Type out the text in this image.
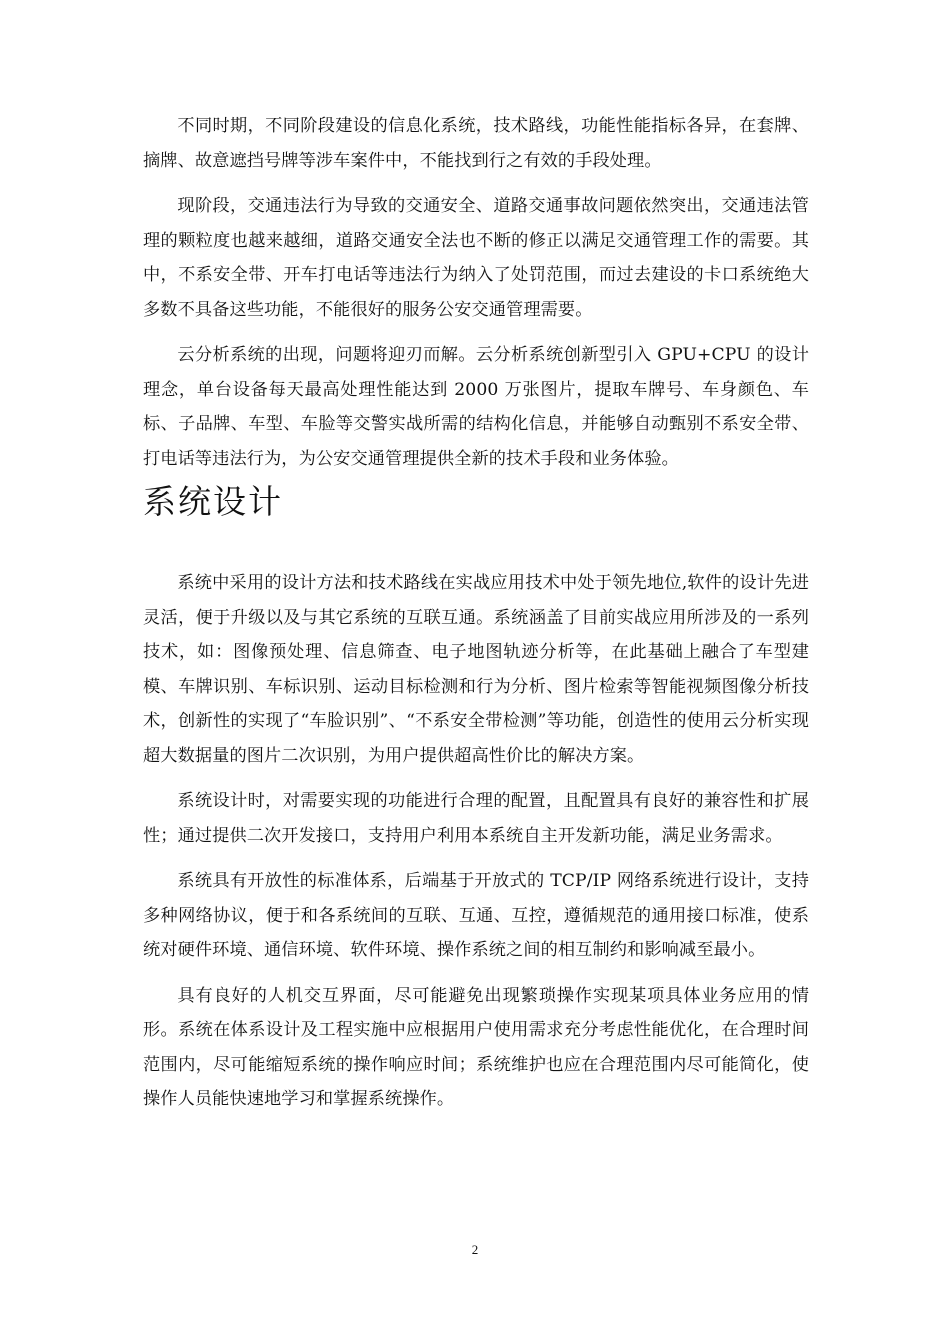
不同时期，不同阶段建设的信息化系统，技术路线，功能性能指标各异，在套牌、摘牌、故意遮挡号牌等涉车案件中，不能找到行之有效的手段处理。

现阶段，交通违法行为导致的交通安全、道路交通事故问题依然突出，交通违法管理的颗粒度也越来越细，道路交通安全法也不断的修正以满足交通管理工作的需要。其中，不系安全带、开车打电话等违法行为纳入了处罚范围，而过去建设的卡口系统绝大多数不具备这些功能，不能很好的服务公安交通管理需要。

云分析系统的出现，问题将迎刃而解。云分析系统创新型引入 GPU+CPU 的设计理念，单台设备每天最高处理性能达到 2000 万张图片，提取车牌号、车身颜色、车标、子品牌、车型、车脸等交警实战所需的结构化信息，并能够自动甄别不系安全带、打电话等违法行为，为公安交通管理提供全新的技术手段和业务体验。

系统设计

系统中采用的设计方法和技术路线在实战应用技术中处于领先地位,软件的设计先进灵活，便于升级以及与其它系统的互联互通。系统涵盖了目前实战应用所涉及的一系列技术，如：图像预处理、信息筛查、电子地图轨迹分析等，在此基础上融合了车型建模、车牌识别、车标识别、运动目标检测和行为分析、图片检索等智能视频图像分析技术，创新性的实现了“车脸识别”、“不系安全带检测”等功能，创造性的使用云分析实现超大数据量的图片二次识别，为用户提供超高性价比的解决方案。

系统设计时，对需要实现的功能进行合理的配置，且配置具有良好的兼容性和扩展性；通过提供二次开发接口，支持用户利用本系统自主开发新功能，满足业务需求。

系统具有开放性的标准体系，后端基于开放式的 TCP/IP 网络系统进行设计，支持多种网络协议，便于和各系统间的互联、互通、互控，遵循规范的通用接口标准，使系统对硬件环境、通信环境、软件环境、操作系统之间的相互制约和影响减至最小。

具有良好的人机交互界面，尽可能避免出现繁琐操作实现某项具体业务应用的情形。系统在体系设计及工程实施中应根据用户使用需求充分考虑性能优化，在合理时间范围内，尽可能缩短系统的操作响应时间；系统维护也应在合理范围内尽可能简化，使操作人员能快速地学习和掌握系统操作。

2
